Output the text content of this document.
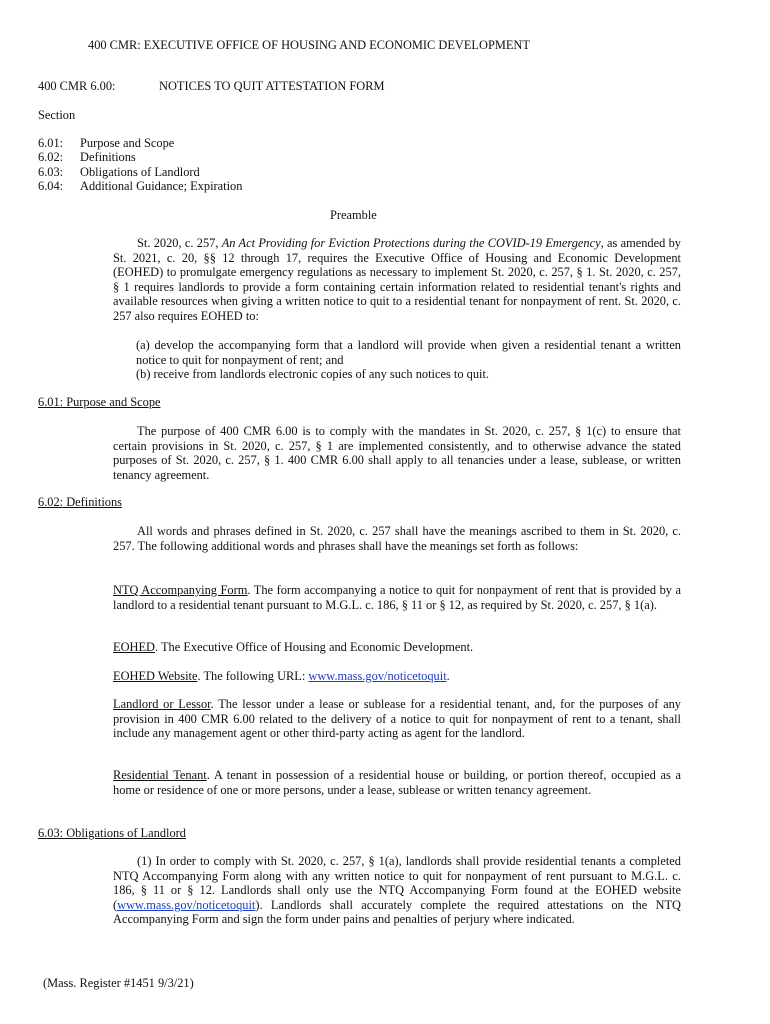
400 CMR: EXECUTIVE OFFICE OF HOUSING AND ECONOMIC DEVELOPMENT
400 CMR 6.00:	NOTICES TO QUIT ATTESTATION FORM
Section
6.01: Purpose and Scope
6.02: Definitions
6.03: Obligations of Landlord
6.04: Additional Guidance; Expiration
Preamble
St. 2020, c. 257, An Act Providing for Eviction Protections during the COVID-19 Emergency, as amended by St. 2021, c. 20, §§ 12 through 17, requires the Executive Office of Housing and Economic Development (EOHED) to promulgate emergency regulations as necessary to implement St. 2020, c. 257, § 1. St. 2020, c. 257, § 1 requires landlords to provide a form containing certain information related to residential tenant's rights and available resources when giving a written notice to quit to a residential tenant for nonpayment of rent. St. 2020, c. 257 also requires EOHED to:
(a) develop the accompanying form that a landlord will provide when given a residential tenant a written notice to quit for nonpayment of rent; and
(b) receive from landlords electronic copies of any such notices to quit.
6.01: Purpose and Scope
The purpose of 400 CMR 6.00 is to comply with the mandates in St. 2020, c. 257, § 1(c) to ensure that certain provisions in St. 2020, c. 257, § 1 are implemented consistently, and to otherwise advance the stated purposes of St. 2020, c. 257, § 1. 400 CMR 6.00 shall apply to all tenancies under a lease, sublease, or written tenancy agreement.
6.02: Definitions
All words and phrases defined in St. 2020, c. 257 shall have the meanings ascribed to them in St. 2020, c. 257. The following additional words and phrases shall have the meanings set forth as follows:
NTQ Accompanying Form. The form accompanying a notice to quit for nonpayment of rent that is provided by a landlord to a residential tenant pursuant to M.G.L. c. 186, § 11 or § 12, as required by St. 2020, c. 257, § 1(a).
EOHED. The Executive Office of Housing and Economic Development.
EOHED Website. The following URL: www.mass.gov/noticetoquit.
Landlord or Lessor. The lessor under a lease or sublease for a residential tenant, and, for the purposes of any provision in 400 CMR 6.00 related to the delivery of a notice to quit for nonpayment of rent to a tenant, shall include any management agent or other third-party acting as agent for the landlord.
Residential Tenant. A tenant in possession of a residential house or building, or portion thereof, occupied as a home or residence of one or more persons, under a lease, sublease or written tenancy agreement.
6.03: Obligations of Landlord
(1) In order to comply with St. 2020, c. 257, § 1(a), landlords shall provide residential tenants a completed NTQ Accompanying Form along with any written notice to quit for nonpayment of rent pursuant to M.G.L. c. 186, § 11 or § 12. Landlords shall only use the NTQ Accompanying Form found at the EOHED website (www.mass.gov/noticetoquit). Landlords shall accurately complete the required attestations on the NTQ Accompanying Form and sign the form under pains and penalties of perjury where indicated.
(Mass. Register #1451 9/3/21)
